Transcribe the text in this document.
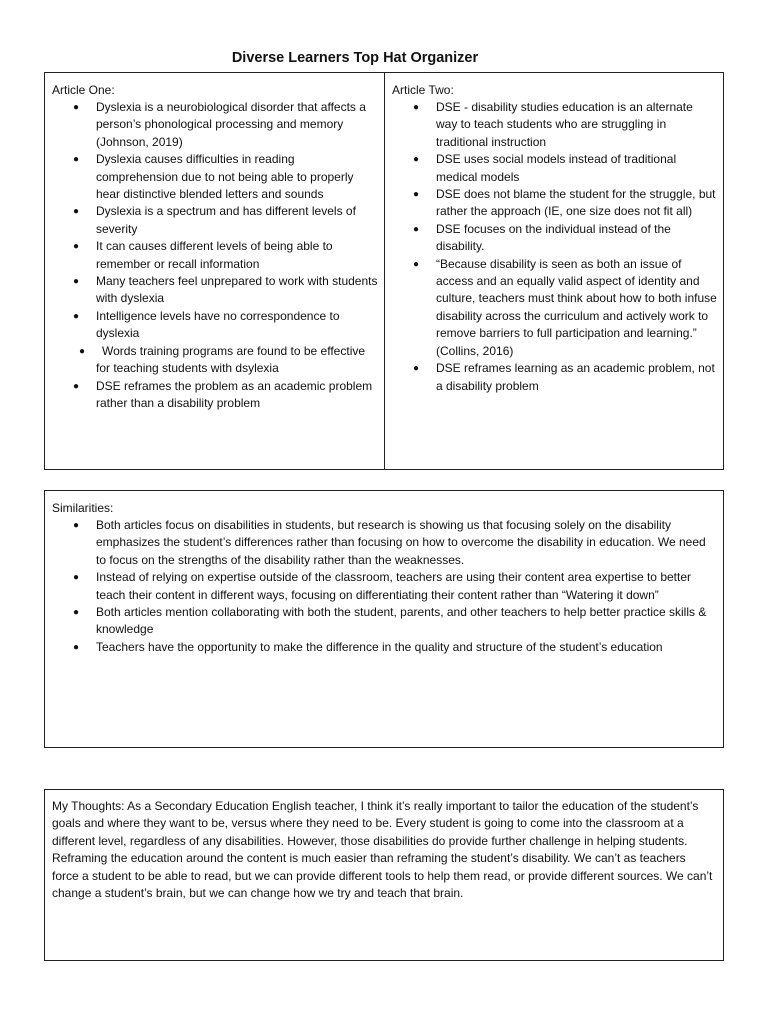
Diverse Learners Top Hat Organizer

Article One:

● Dyslexia is a neurobiological disorder that affects a person’s phonological processing and memory (Johnson, 2019)
● Dyslexia causes difficulties in reading comprehension due to not being able to properly hear distinctive blended letters and sounds
● Dyslexia is a spectrum and has different levels of severity
● It can causes different levels of being able to remember or recall information
● Many teachers feel unprepared to work with students with dyslexia
● Intelligence levels have no correspondence to dyslexia
● Words training programs are found to be effective for teaching students with dsylexia
● DSE reframes the problem as an academic problem rather than a disability problem

Article Two:

● DSE - disability studies education is an alternate way to teach students who are struggling in traditional instruction
● DSE uses social models instead of traditional medical models
● DSE does not blame the student for the struggle, but rather the approach (IE, one size does not fit all)
● DSE focuses on the individual instead of the disability.
● “Because disability is seen as both an issue of access and an equally valid aspect of identity and culture, teachers must think about how to both infuse disability across the curriculum and actively work to remove barriers to full participation and learning.” (Collins, 2016)
● DSE reframes learning as an academic problem, not a disability problem

Similarities:

● Both articles focus on disabilities in students, but research is showing us that focusing solely on the disability emphasizes the student’s differences rather than focusing on how to overcome the disability in education. We need to focus on the strengths of the disability rather than the weaknesses.
● Instead of relying on expertise outside of the classroom, teachers are using their content area expertise to better teach their content in different ways, focusing on differentiating their content rather than “Watering it down”
● Both articles mention collaborating with both the student, parents, and other teachers to help better practice skills & knowledge
● Teachers have the opportunity to make the difference in the quality and structure of the student’s education

My Thoughts: As a Secondary Education English teacher, I think it’s really important to tailor the education of the student’s goals and where they want to be, versus where they need to be. Every student is going to come into the classroom at a different level, regardless of any disabilities. However, those disabilities do provide further challenge in helping students. Reframing the education around the content is much easier than reframing the student’s disability. We can’t as teachers force a student to be able to read, but we can provide different tools to help them read, or provide different sources. We can’t change a student’s brain, but we can change how we try and teach that brain.
